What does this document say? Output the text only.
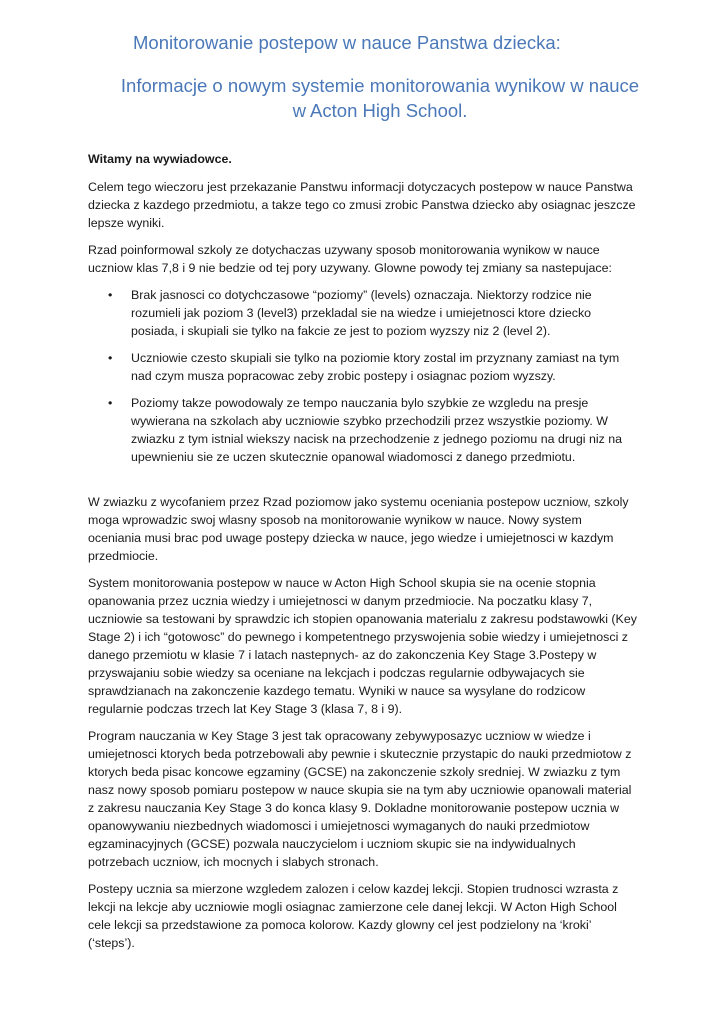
Monitorowanie postepow w nauce Panstwa dziecka:
Informacje o nowym systemie monitorowania wynikow w nauce
w Acton High School.

Witamy na wywiadowce.

Celem tego wieczoru jest przekazanie Panstwu informacji dotyczacych postepow w nauce Panstwa dziecka z kazdego przedmiotu, a takze tego co zmusi zrobic Panstwa dziecko aby osiagnac jeszcze lepsze wyniki.

Rzad poinformowal szkoly ze dotychaczas uzywany sposob monitorowania wynikow w nauce uczniow klas 7,8 i 9 nie bedzie od tej pory uzywany. Glowne powody tej zmiany sa nastepujace:

• Brak jasnosci co dotychczasowe “poziomy” (levels) oznaczaja. Niektorzy rodzice nie rozumieli jak poziom 3 (level3) przekladal sie na wiedze i umiejetnosci ktore dziecko posiada, i skupiali sie tylko na fakcie ze jest to poziom wyzszy niz 2 (level 2).
• Uczniowie czesto skupiali sie tylko na poziomie ktory zostal im przyznany zamiast na tym nad czym musza popracowac zeby zrobic postepy i osiagnac poziom wyzszy.
• Poziomy takze powodowaly ze tempo nauczania bylo szybkie ze wzgledu na presje wywierana na szkolach aby uczniowie szybko przechodzili przez wszystkie poziomy. W zwiazku z tym istnial wiekszy nacisk na przechodzenie z jednego poziomu na drugi niz na upewnieniu sie ze uczen skutecznie opanowal wiadomosci z danego przedmiotu.

W zwiazku z wycofaniem przez Rzad poziomow jako systemu oceniania postepow uczniow, szkoly moga wprowadzic swoj wlasny sposob na monitorowanie wynikow w nauce. Nowy system oceniania musi brac pod uwage postepy dziecka w nauce, jego wiedze i umiejetnosci w kazdym przedmiocie.

System monitorowania postepow w nauce w Acton High School skupia sie na ocenie stopnia opanowania przez ucznia wiedzy i umiejetnosci w danym przedmiocie. Na poczatku klasy 7, uczniowie sa testowani by sprawdzic ich stopien opanowania materialu z zakresu podstawowki (Key Stage 2) i ich “gotowosc” do pewnego i kompetentnego przyswojenia sobie wiedzy i umiejetnosci z danego przemiotu w klasie 7 i latach nastepnych- az do zakonczenia Key Stage 3.Postepy w przyswajaniu sobie wiedzy sa oceniane na lekcjach i podczas regularnie odbywajacych sie sprawdzianach na zakonczenie kazdego tematu. Wyniki w nauce sa wysylane do rodzicow regularnie podczas trzech lat Key Stage 3 (klasa 7, 8 i 9).

Program nauczania w Key Stage 3 jest tak opracowany zebywyposazyc uczniow w wiedze i umiejetnosci ktorych beda potrzebowali aby pewnie i skutecznie przystapic do nauki przedmiotow z ktorych beda pisac koncowe egzaminy (GCSE) na zakonczenie szkoly sredniej. W zwiazku z tym nasz nowy sposob pomiaru postepow w nauce skupia sie na tym aby uczniowie opanowali material z zakresu nauczania Key Stage 3 do konca klasy 9. Dokladne monitorowanie postepow ucznia w opanowywaniu niezbednych wiadomosci i umiejetnosci wymaganych do nauki przedmiotow egzaminacyjnych (GCSE) pozwala nauczycielom i uczniom skupic sie na indywidualnych potrzebach uczniow, ich mocnych i slabych stronach.

Postepy ucznia sa mierzone wzgledem zalozen i celow kazdej lekcji. Stopien trudnosci wzrasta z lekcji na lekcje aby uczniowie mogli osiagnac zamierzone cele danej lekcji. W Acton High School cele lekcji sa przedstawione za pomoca kolorow. Kazdy glowny cel jest podzielony na ‘kroki’ (‘steps’).
